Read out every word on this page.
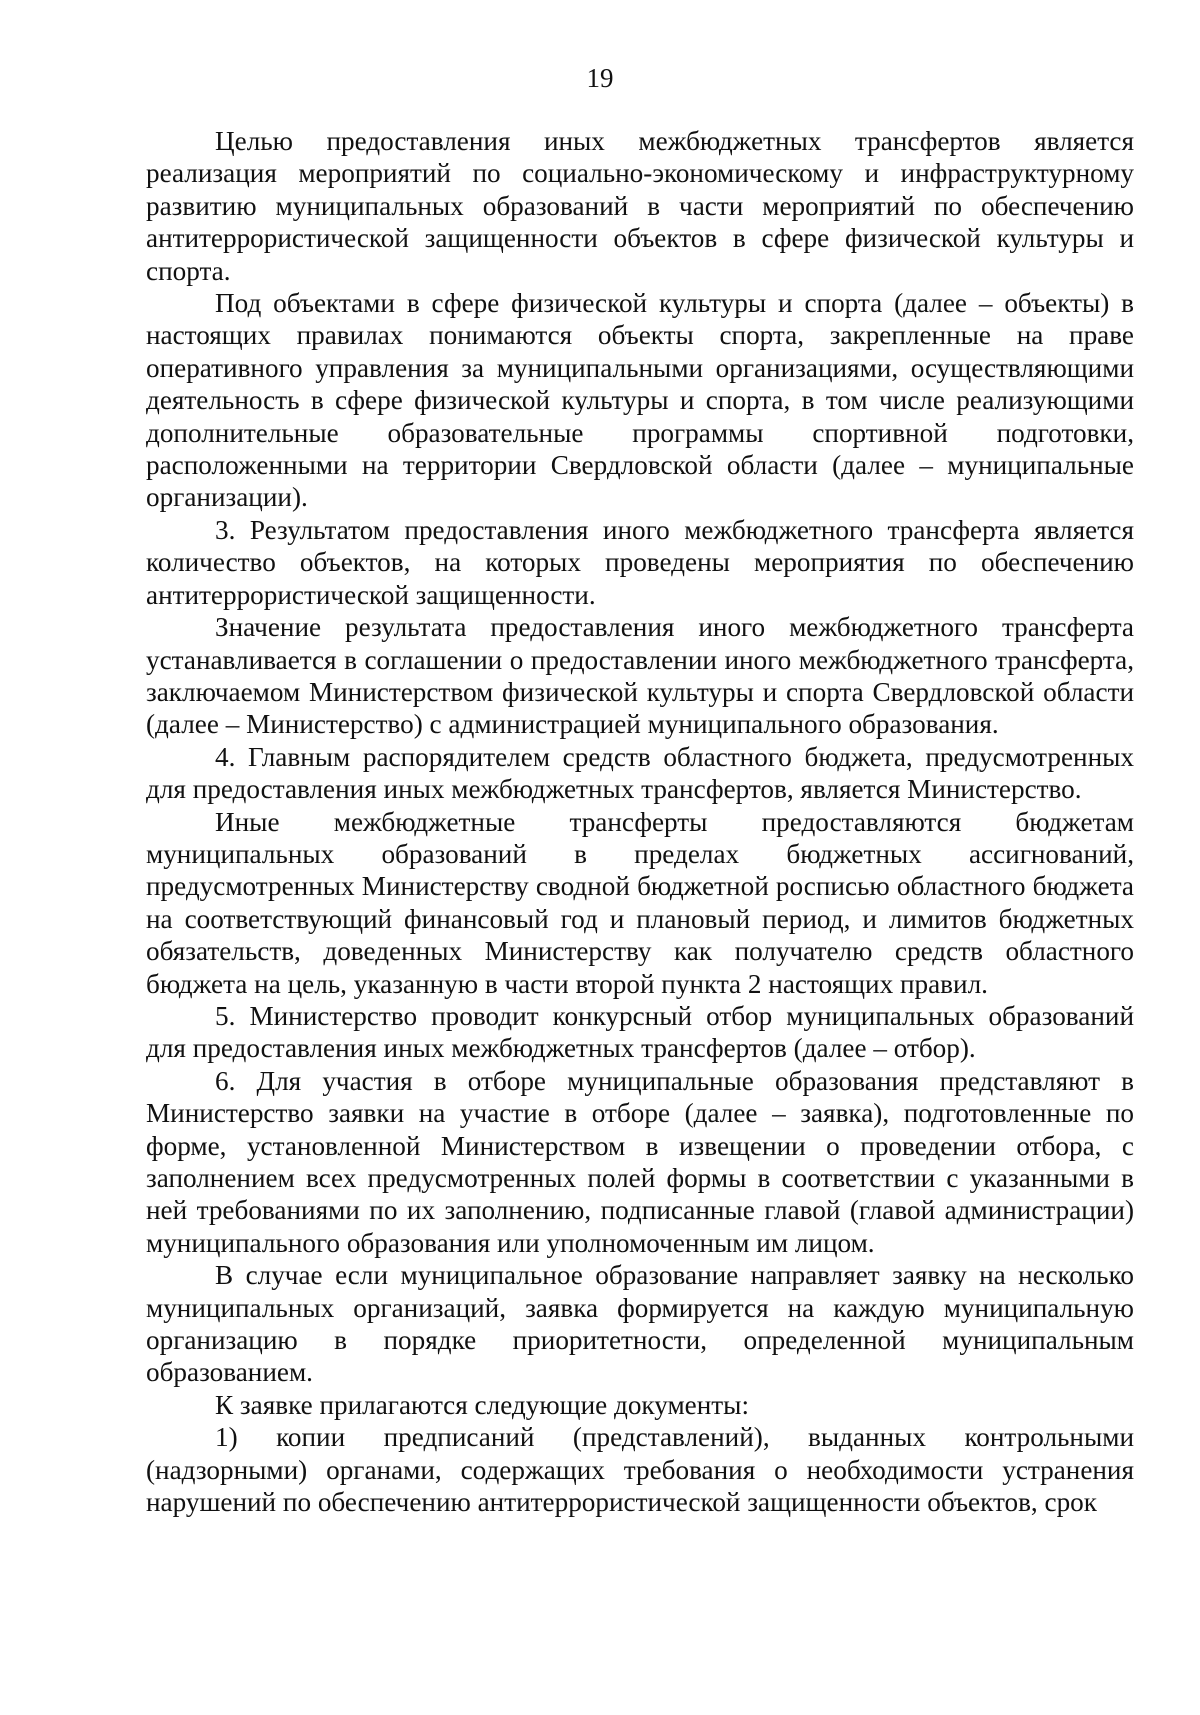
19

Целью предоставления иных межбюджетных трансфертов является реализация мероприятий по социально-экономическому и инфраструктурному развитию муниципальных образований в части мероприятий по обеспечению антитеррористической защищенности объектов в сфере физической культуры и спорта.

Под объектами в сфере физической культуры и спорта (далее – объекты) в настоящих правилах понимаются объекты спорта, закрепленные на праве оперативного управления за муниципальными организациями, осуществляющими деятельность в сфере физической культуры и спорта, в том числе реализующими дополнительные образовательные программы спортивной подготовки, расположенными на территории Свердловской области (далее – муниципальные организации).

3. Результатом предоставления иного межбюджетного трансферта является количество объектов, на которых проведены мероприятия по обеспечению антитеррористической защищенности.

Значение результата предоставления иного межбюджетного трансферта устанавливается в соглашении о предоставлении иного межбюджетного трансферта, заключаемом Министерством физической культуры и спорта Свердловской области (далее – Министерство) с администрацией муниципального образования.

4. Главным распорядителем средств областного бюджета, предусмотренных для предоставления иных межбюджетных трансфертов, является Министерство.

Иные межбюджетные трансферты предоставляются бюджетам муниципальных образований в пределах бюджетных ассигнований, предусмотренных Министерству сводной бюджетной росписью областного бюджета на соответствующий финансовый год и плановый период, и лимитов бюджетных обязательств, доведенных Министерству как получателю средств областного бюджета на цель, указанную в части второй пункта 2 настоящих правил.

5. Министерство проводит конкурсный отбор муниципальных образований для предоставления иных межбюджетных трансфертов (далее – отбор).

6. Для участия в отборе муниципальные образования представляют в Министерство заявки на участие в отборе (далее – заявка), подготовленные по форме, установленной Министерством в извещении о проведении отбора, с заполнением всех предусмотренных полей формы в соответствии с указанными в ней требованиями по их заполнению, подписанные главой (главой администрации) муниципального образования или уполномоченным им лицом.

В случае если муниципальное образование направляет заявку на несколько муниципальных организаций, заявка формируется на каждую муниципальную организацию в порядке приоритетности, определенной муниципальным образованием.

К заявке прилагаются следующие документы:

1) копии предписаний (представлений), выданных контрольными (надзорными) органами, содержащих требования о необходимости устранения нарушений по обеспечению антитеррористической защищенности объектов, срок
